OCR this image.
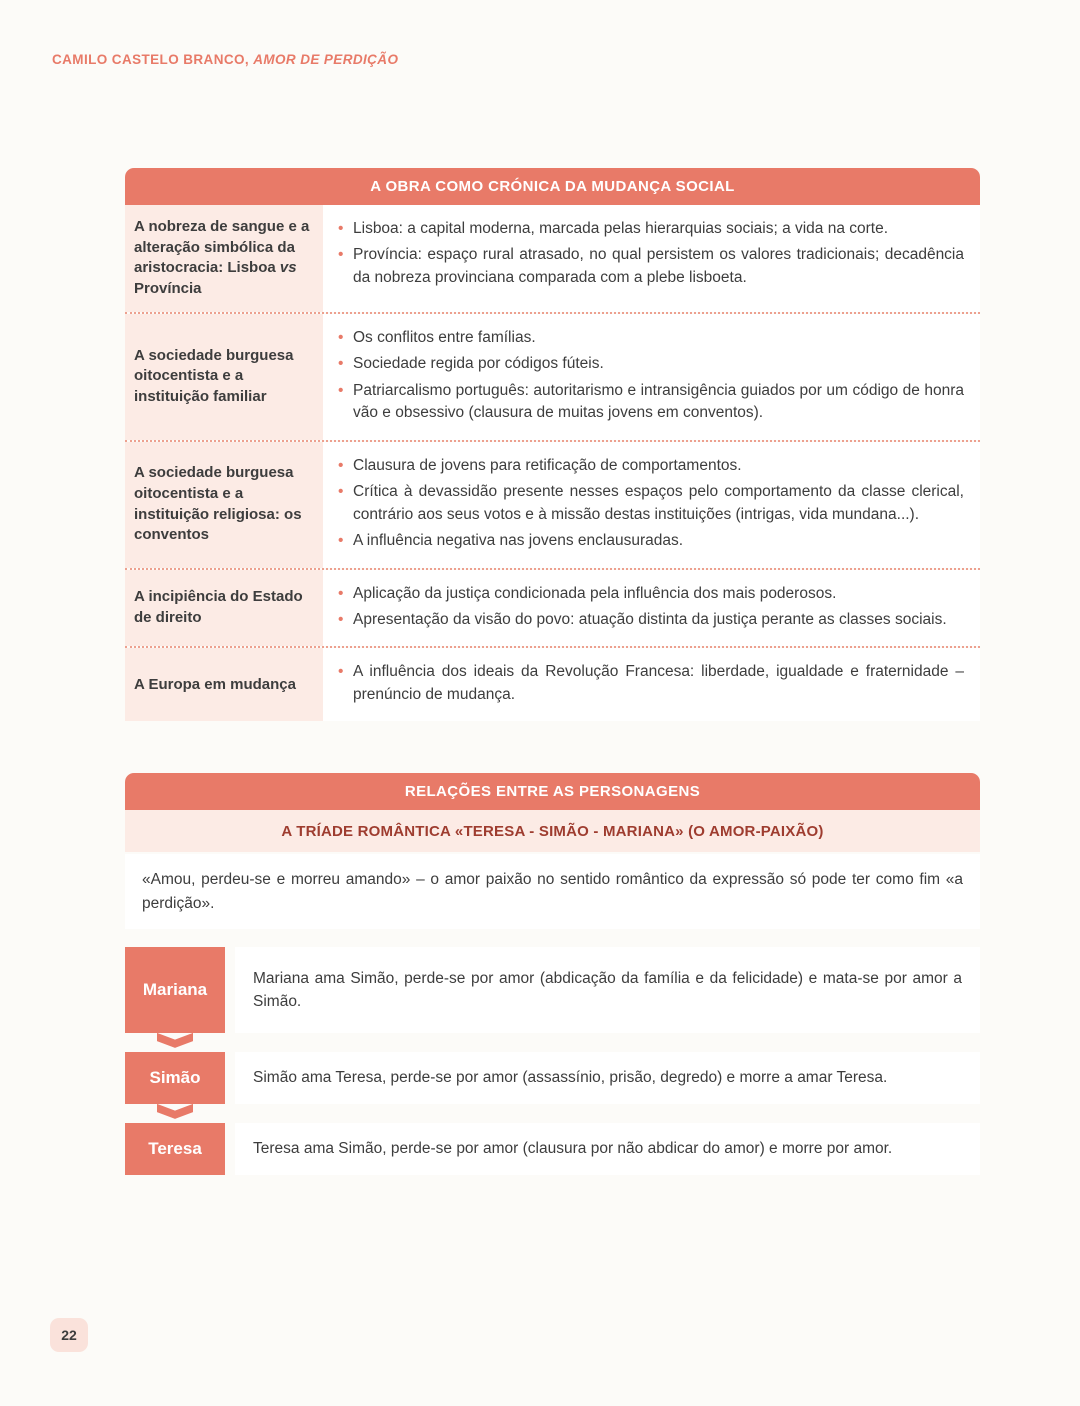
CAMILO CASTELO BRANCO, AMOR DE PERDIÇÃO
A OBRA COMO CRÓNICA DA MUDANÇA SOCIAL
A nobreza de sangue e a alteração simbólica da aristocracia: Lisboa vs Província
• Lisboa: a capital moderna, marcada pelas hierarquias sociais; a vida na corte.
• Província: espaço rural atrasado, no qual persistem os valores tradicionais; decadência da nobreza provinciana comparada com a plebe lisboeta.
A sociedade burguesa oitocentista e a instituição familiar
• Os conflitos entre famílias.
• Sociedade regida por códigos fúteis.
• Patriarcalismo português: autoritarismo e intransigência guiados por um código de honra vão e obsessivo (clausura de muitas jovens em conventos).
A sociedade burguesa oitocentista e a instituição religiosa: os conventos
• Clausura de jovens para retificação de comportamentos.
• Crítica à devassidão presente nesses espaços pelo comportamento da classe clerical, contrário aos seus votos e à missão destas instituições (intrigas, vida mundana...).
• A influência negativa nas jovens enclausuradas.
A incipiência do Estado de direito
• Aplicação da justiça condicionada pela influência dos mais poderosos.
• Apresentação da visão do povo: atuação distinta da justiça perante as classes sociais.
A Europa em mudança
• A influência dos ideais da Revolução Francesa: liberdade, igualdade e fraternidade – prenúncio de mudança.
RELAÇÕES ENTRE AS PERSONAGENS
A TRÍADE ROMÂNTICA «TERESA - SIMÃO - MARIANA» (O AMOR-PAIXÃO)
«Amou, perdeu-se e morreu amando» – o amor paixão no sentido romântico da expressão só pode ter como fim «a perdição».
Mariana
Mariana ama Simão, perde-se por amor (abdicação da família e da felicidade) e mata-se por amor a Simão.
Simão	Simão ama Teresa, perde-se por amor (assassínio, prisão, degredo) e morre a amar Teresa.
Teresa	Teresa ama Simão, perde-se por amor (clausura por não abdicar do amor) e morre por amor.
22
